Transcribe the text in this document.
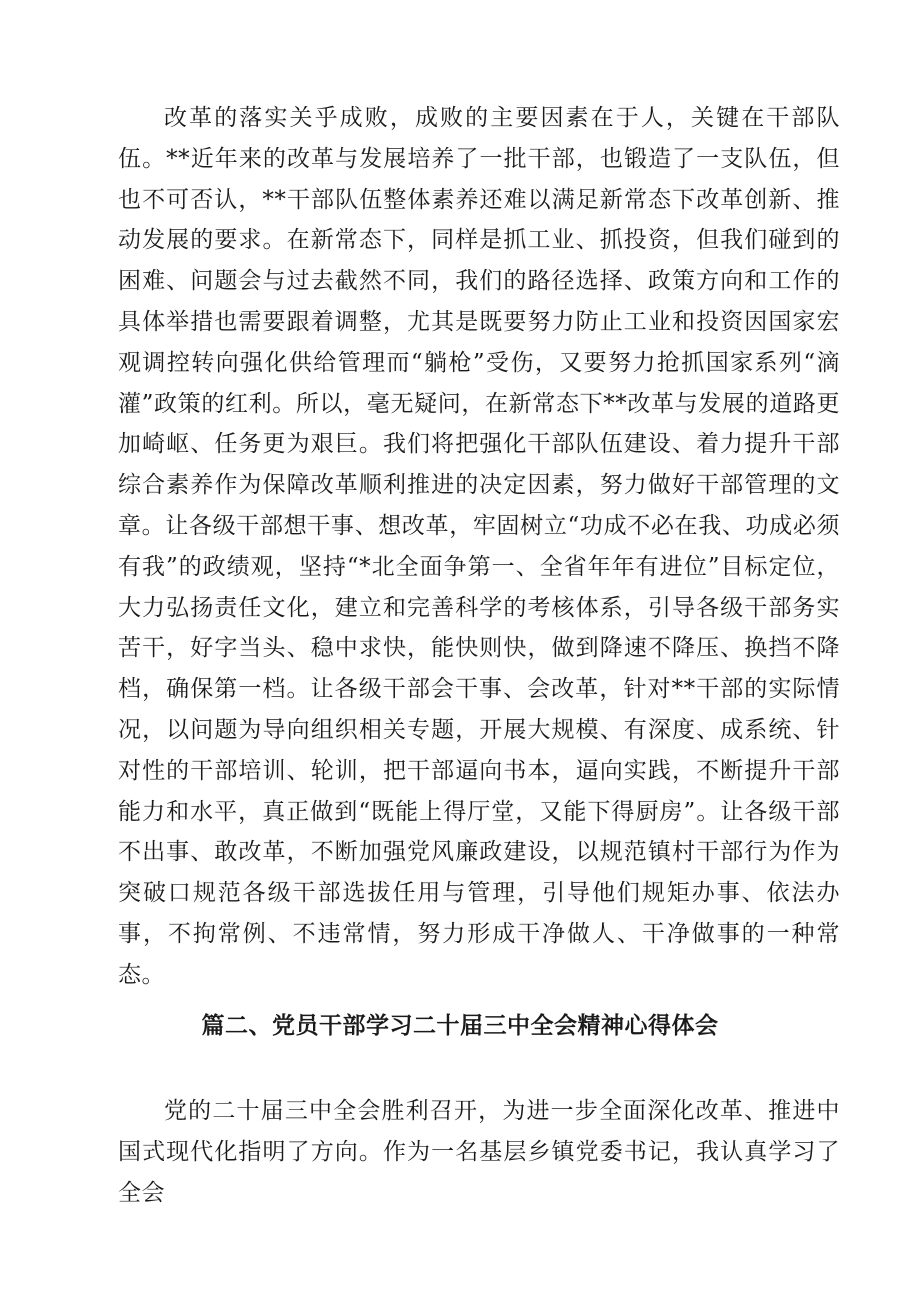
改革的落实关乎成败，成败的主要因素在于人，关键在干部队伍。**近年来的改革与发展培养了一批干部，也锻造了一支队伍，但也不可否认，**干部队伍整体素养还难以满足新常态下改革创新、推动发展的要求。在新常态下，同样是抓工业、抓投资，但我们碰到的困难、问题会与过去截然不同，我们的路径选择、政策方向和工作的具体举措也需要跟着调整，尤其是既要努力防止工业和投资因国家宏观调控转向强化供给管理而“躺枪”受伤，又要努力抢抓国家系列“滴灌”政策的红利。所以，毫无疑问，在新常态下**改革与发展的道路更加崎岖、任务更为艰巨。我们将把强化干部队伍建设、着力提升干部综合素养作为保障改革顺利推进的决定因素，努力做好干部管理的文章。让各级干部想干事、想改革，牢固树立“功成不必在我、功成必须有我”的政绩观，坚持“*北全面争第一、全省年年有进位”目标定位，大力弘扬责任文化，建立和完善科学的考核体系，引导各级干部务实苦干，好字当头、稳中求快，能快则快，做到降速不降压、换挡不降档，确保第一档。让各级干部会干事、会改革，针对**干部的实际情况，以问题为导向组织相关专题，开展大规模、有深度、成系统、针对性的干部培训、轮训，把干部逼向书本，逼向实践，不断提升干部能力和水平，真正做到“既能上得厅堂，又能下得厨房”。让各级干部不出事、敢改革，不断加强党风廉政建设，以规范镇村干部行为作为突破口规范各级干部选拔任用与管理，引导他们规矩办事、依法办事，不拘常例、不违常情，努力形成干净做人、干净做事的一种常态。

篇二、党员干部学习二十届三中全会精神心得体会

党的二十届三中全会胜利召开，为进一步全面深化改革、推进中国式现代化指明了方向。作为一名基层乡镇党委书记，我认真学习了全会
